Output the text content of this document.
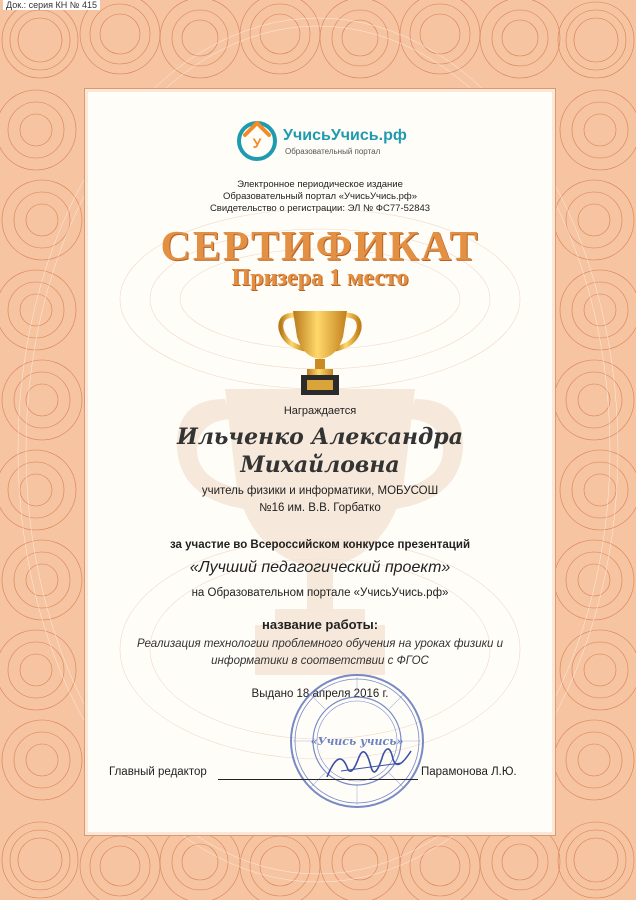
Док.: серия КН № 415
У УчисьУчись.рф
Образовательный портал
Электронное периодическое издание
Образовательный портал «УчисьУчись.рф»
Свидетельство о регистрации: ЭЛ № ФС77-52843
СЕРТИФИКАТ
Призера 1 место
Награждается
Ильченко Александра
Михайловна
учитель физики и информатики, МОБУСОШ
№16 им. В.В. Горбатко
за участие во Всероссийском конкурсе презентаций
«Лучший педагогический проект»
на Образовательном портале «УчисьУчись.рф»
название работы:
Реализация технологии проблемного обучения на уроках физики и
информатики в соответствии с ФГОС
Выдано 18 апреля 2016 г.
«Учись учись»
Главный редактор	Парамонова Л.Ю.
